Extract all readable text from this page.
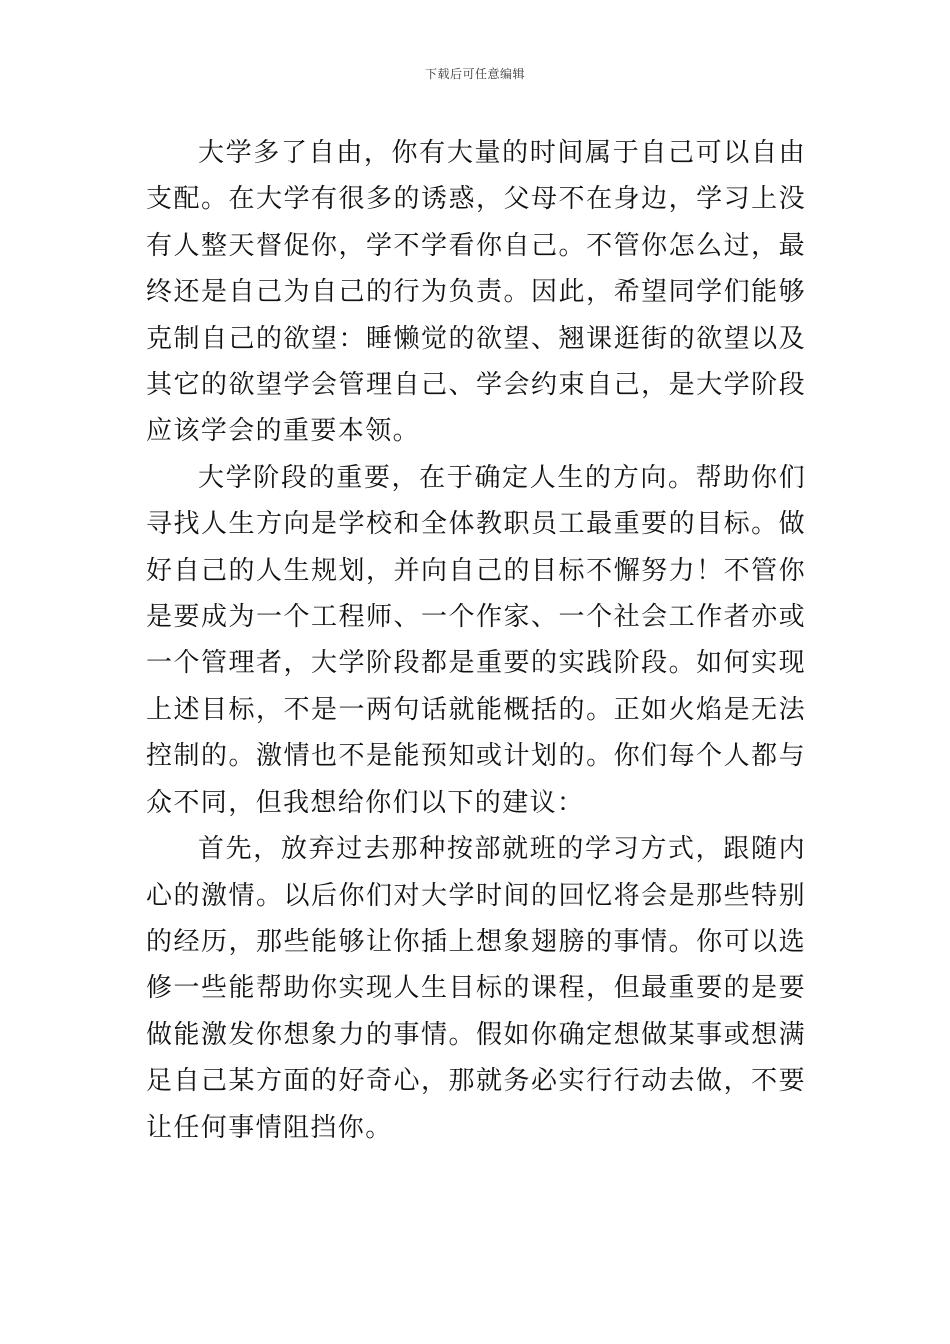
下载后可任意编辑

大学多了自由，你有大量的时间属于自己可以自由支配。在大学有很多的诱惑，父母不在身边，学习上没有人整天督促你，学不学看你自己。不管你怎么过，最终还是自己为自己的行为负责。因此，希望同学们能够克制自己的欲望：睡懒觉的欲望、翘课逛街的欲望以及其它的欲望学会管理自己、学会约束自己，是大学阶段应该学会的重要本领。

大学阶段的重要，在于确定人生的方向。帮助你们寻找人生方向是学校和全体教职员工最重要的目标。做好自己的人生规划，并向自己的目标不懈努力！不管你是要成为一个工程师、一个作家、一个社会工作者亦或一个管理者，大学阶段都是重要的实践阶段。如何实现上述目标，不是一两句话就能概括的。正如火焰是无法控制的。激情也不是能预知或计划的。你们每个人都与众不同，但我想给你们以下的建议：

首先，放弃过去那种按部就班的学习方式，跟随内心的激情。以后你们对大学时间的回忆将会是那些特别的经历，那些能够让你插上想象翅膀的事情。你可以选修一些能帮助你实现人生目标的课程，但最重要的是要做能激发你想象力的事情。假如你确定想做某事或想满足自己某方面的好奇心，那就务必实行行动去做，不要让任何事情阻挡你。
